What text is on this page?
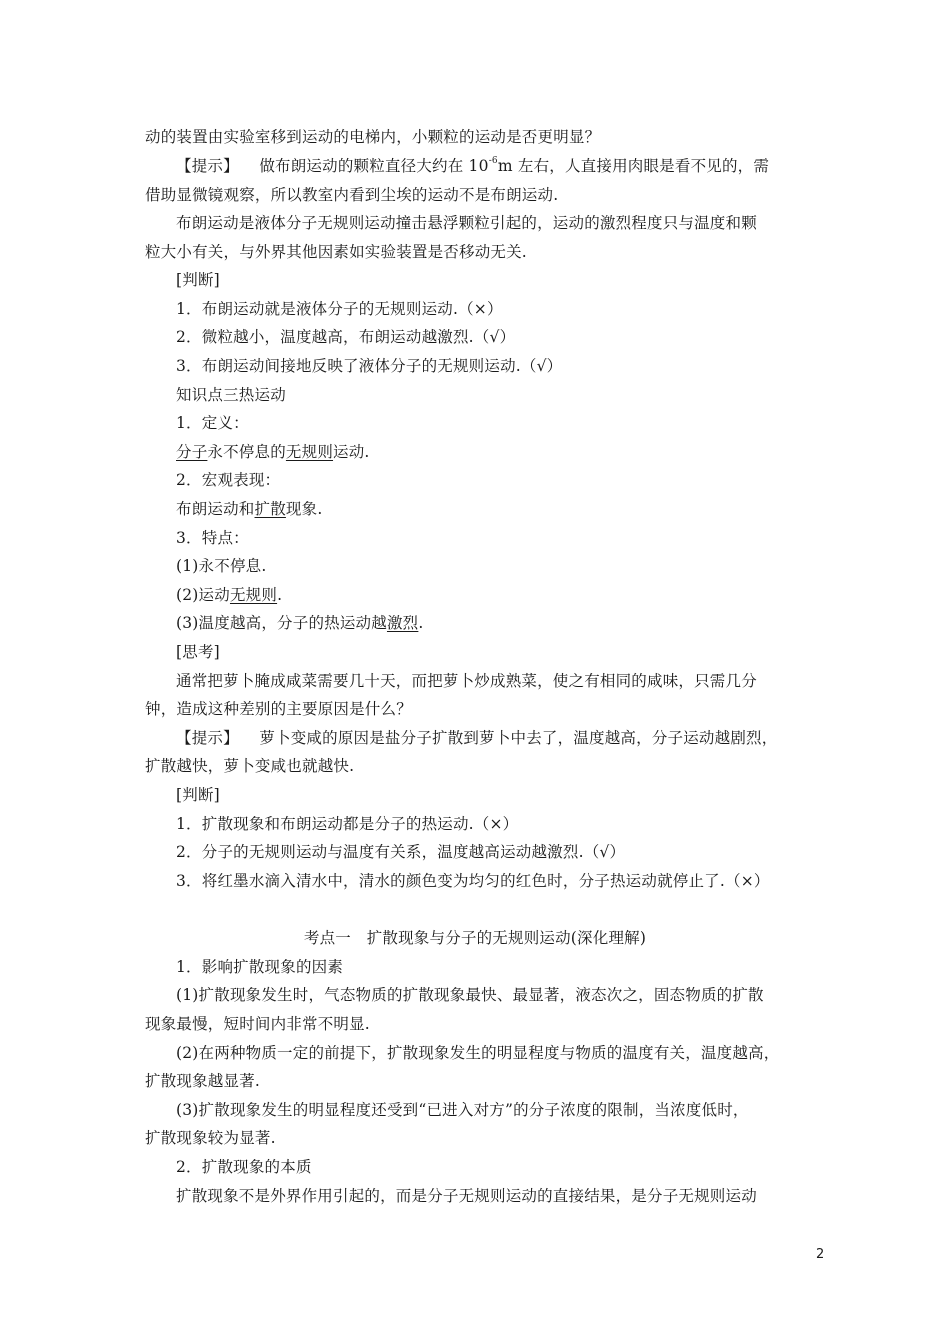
动的装置由实验室移到运动的电梯内，小颗粒的运动是否更明显？
【提示】 做布朗运动的颗粒直径大约在 $10^{-6}m$ 左右，人直接用肉眼是看不见的，需
借助显微镜观察，所以教室内看到尘埃的运动不是布朗运动.
布朗运动是液体分子无规则运动撞击悬浮颗粒引起的，运动的激烈程度只与温度和颗
粒大小有关，与外界其他因素如实验装置是否移动无关.
[判断]
1．布朗运动就是液体分子的无规则运动.（×）
2．微粒越小，温度越高，布朗运动越激烈.（√）
3．布朗运动间接地反映了液体分子的无规则运动.（√）
知识点三热运动
1．定义：
分子永不停息的无规则运动.
2．宏观表现：
布朗运动和扩散现象.
3．特点：
(1)永不停息.
(2)运动无规则.
(3)温度越高，分子的热运动越激烈.
[思考]
通常把萝卜腌成咸菜需要几十天，而把萝卜炒成熟菜，使之有相同的咸味，只需几分
钟，造成这种差别的主要原因是什么？
【提示】 萝卜变咸的原因是盐分子扩散到萝卜中去了，温度越高，分子运动越剧烈，
扩散越快，萝卜变咸也就越快.
[判断]
1．扩散现象和布朗运动都是分子的热运动.（×）
2．分子的无规则运动与温度有关系，温度越高运动越激烈.（√）
3．将红墨水滴入清水中，清水的颜色变为均匀的红色时，分子热运动就停止了.（×）
考点一　扩散现象与分子的无规则运动(深化理解)
1．影响扩散现象的因素
(1)扩散现象发生时，气态物质的扩散现象最快、最显著，液态次之，固态物质的扩散
现象最慢，短时间内非常不明显.
(2)在两种物质一定的前提下，扩散现象发生的明显程度与物质的温度有关，温度越高，
扩散现象越显著.
(3)扩散现象发生的明显程度还受到“已进入对方”的分子浓度的限制，当浓度低时，
扩散现象较为显著.
2．扩散现象的本质
扩散现象不是外界作用引起的，而是分子无规则运动的直接结果，是分子无规则运动
2
